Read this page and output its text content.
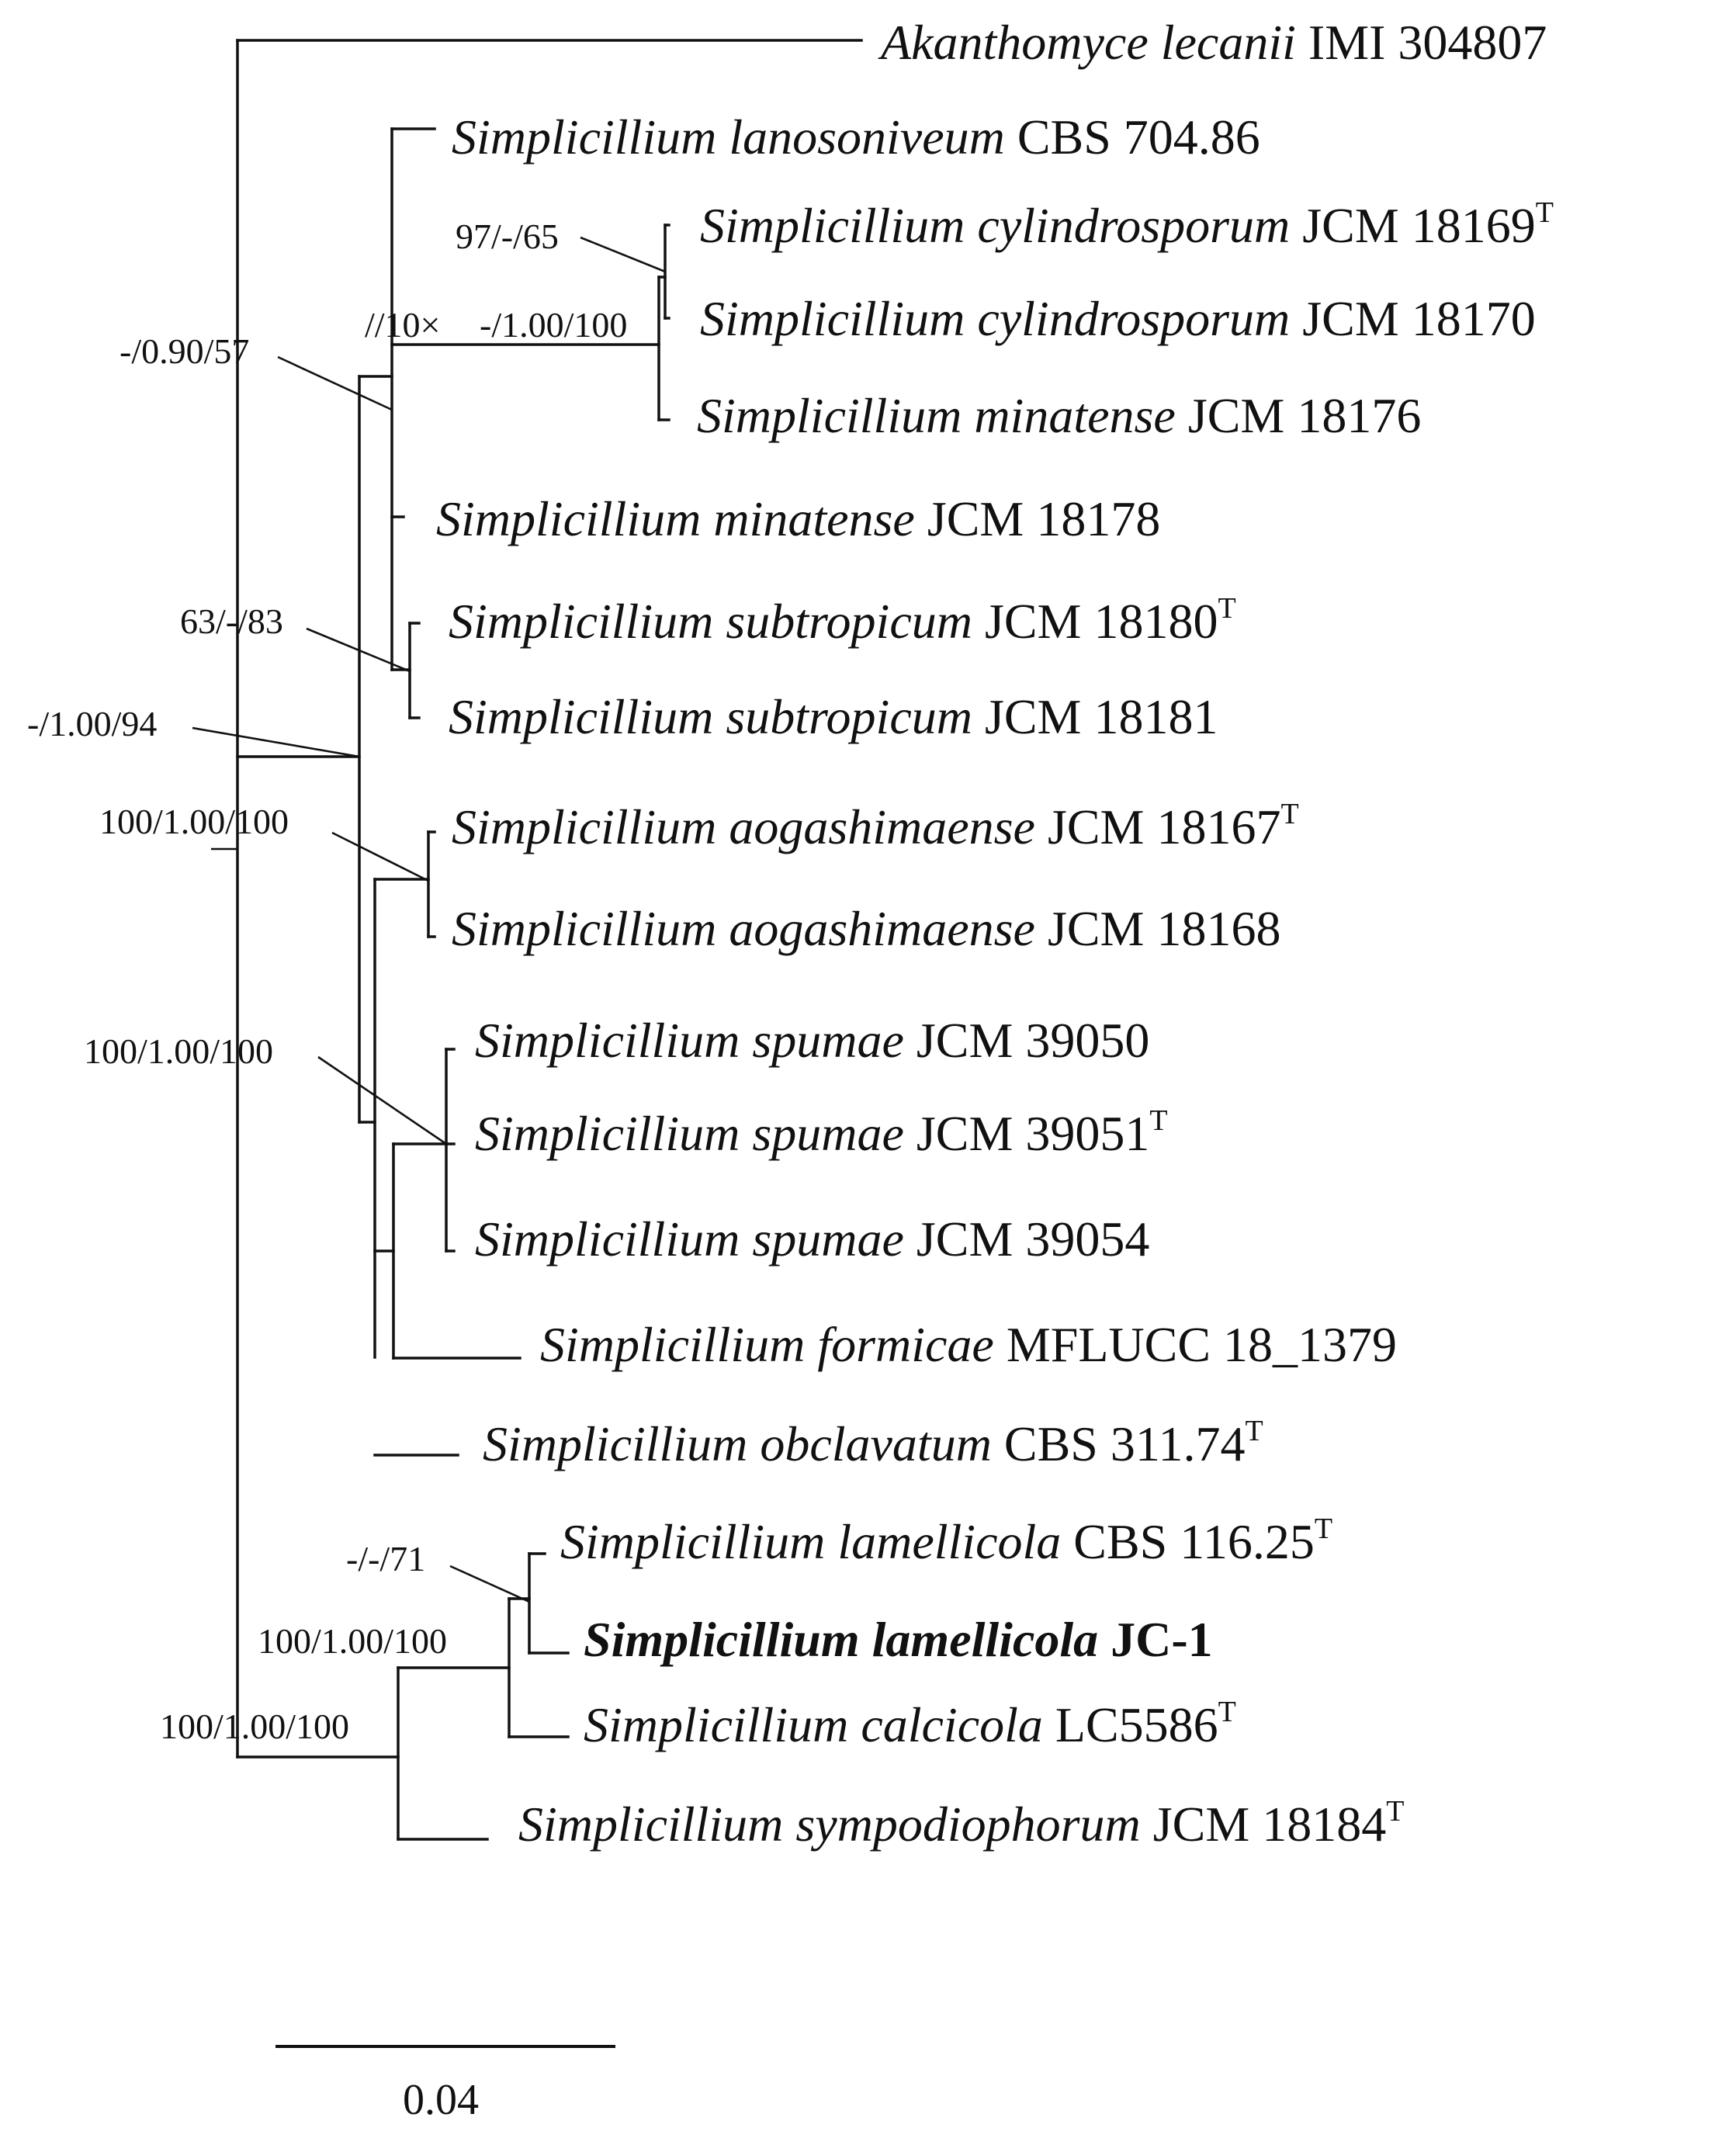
97/-/65
//10× -/1.00/100
-/0.90/57
63/-/83
-/1.00/94
100/1.00/100
100/1.00/100
-/-/71
100/1.00/100
100/1.00/100
Akanthomyce lecanii IMI 304807
Simplicillium lanosoniveum CBS 704.86
Simplicillium cylindrosporum JCM $18169^T$
Simplicillium cylindrosporum JCM 18170
Simplicillium minatense JCM 18176
Simplicillium minatense JCM 18178
Simplicillium subtropicum JCM $18180^T$
Simplicillium subtropicum JCM 18181
Simplicillium aogashimaense JCM $18167^T$
Simplicillium aogashimaense JCM 18168
Simplicillium spumae JCM 39050
Simplicillium spumae JCM $39051^T$
Simplicillium spumae JCM 39054
Simplicillium formicae MFLUCC 18_1379
Simplicillium obclavatum CBS $311.74^T$
Simplicillium lamellicola CBS $116.25^T$
Simplicillium lamellicola JC-1
Simplicillium calcicola $LC5586^T$
Simplicillium sympodiophorum JCM $18184^T$
0.04
